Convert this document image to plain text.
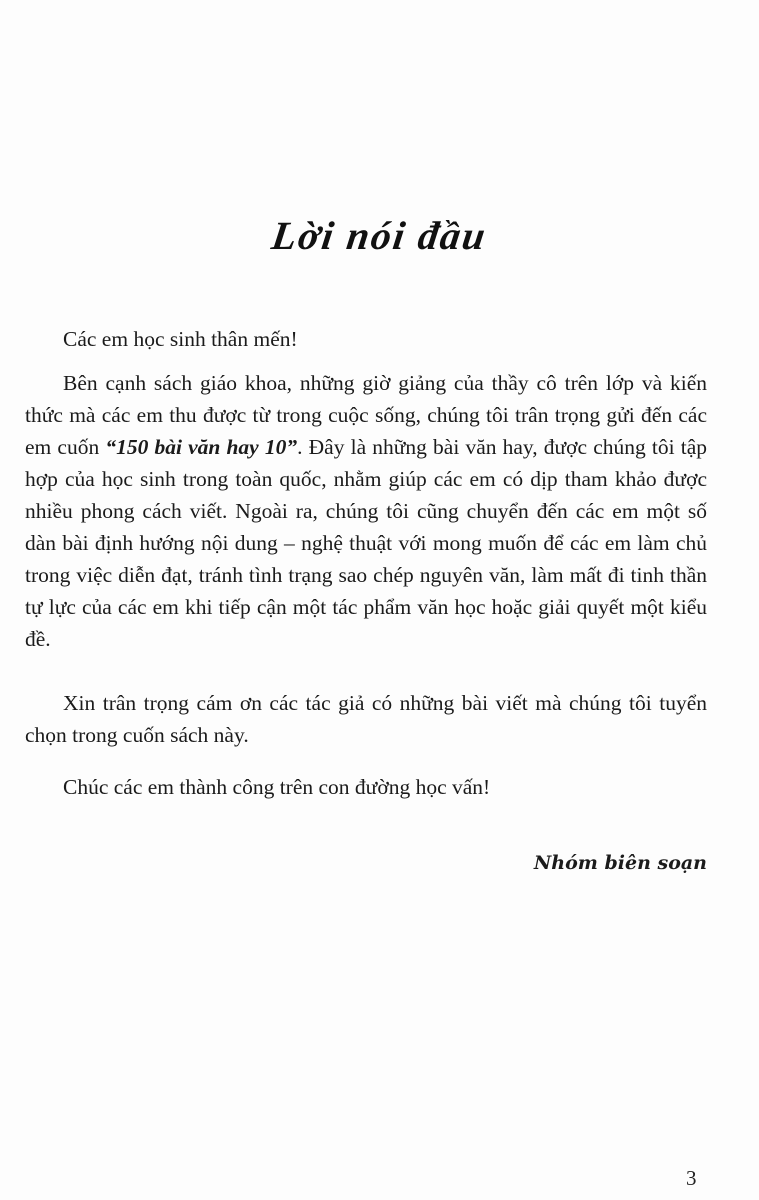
Lời nói đầu

Các em học sinh thân mến!

Bên cạnh sách giáo khoa, những giờ giảng của thầy cô trên lớp và kiến thức mà các em thu được từ trong cuộc sống, chúng tôi trân trọng gửi đến các em cuốn “150 bài văn hay 10”. Đây là những bài văn hay, được chúng tôi tập hợp của học sinh trong toàn quốc, nhằm giúp các em có dịp tham khảo được nhiều phong cách viết. Ngoài ra, chúng tôi cũng chuyển đến các em một số dàn bài định hướng nội dung – nghệ thuật với mong muốn để các em làm chủ trong việc diễn đạt, tránh tình trạng sao chép nguyên văn, làm mất đi tinh thần tự lực của các em khi tiếp cận một tác phẩm văn học hoặc giải quyết một kiểu đề.

Xin trân trọng cám ơn các tác giả có những bài viết mà chúng tôi tuyển chọn trong cuốn sách này.

Chúc các em thành công trên con đường học vấn!

Nhóm biên soạn
3
